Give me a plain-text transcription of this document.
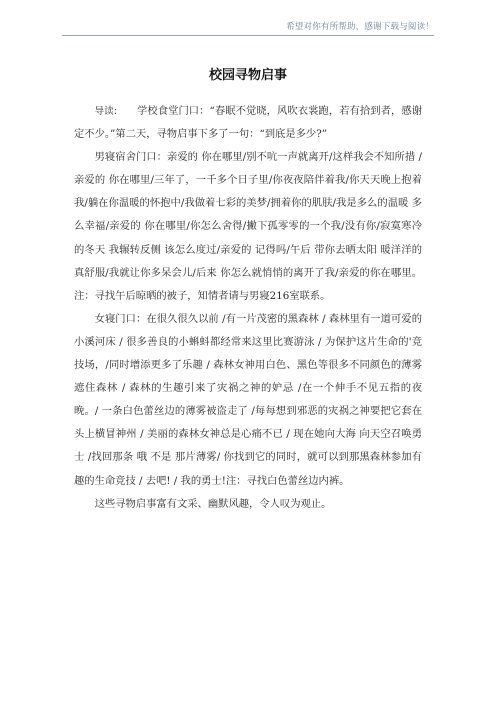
希望对你有所帮助，感谢下载与阅读！
校园寻物启事

导读: 学校食堂门口：“春眠不觉晓，风吹衣裳跑，若有拾到者，感谢定不少。”第二天，寻物启事下多了一句：“到底是多少?”

男寝宿舍门口：亲爱的 你在哪里/别不吭一声就离开/这样我会不知所措 /亲爱的 你在哪里/三年了，一千多个日子里/你夜夜陪伴着我/你天天晚上抱着我/躺在你温暖的怀抱中/我做着七彩的美梦/拥着你的肌肤/我是多么的温暖 多么幸福/亲爱的 你在哪里/你怎么舍得/撇下孤零零的一个我/没有你/寂寞寒冷的冬天 我辗转反侧 该怎么度过/亲爱的 记得吗/午后 带你去晒太阳 暖洋洋的 真舒服/我就让你多呆会儿/后来 你怎么就悄悄的离开了我/亲爱的你在哪里。注：寻找午后晾晒的被子，知情者请与男寝216室联系。

女寝门口：在很久很久以前 /有一片茂密的黑森林 / 森林里有一道可爱的小溪河床 / 很多善良的小蝌蚪都经常来这里比赛游泳 / 为保护这片生命的'竞技场，/同时增添更多了乐趣 / 森林女神用白色、黑色等很多不同颜色的薄雾遮住森林 / 森林的生趣引来了灾祸之神的妒忌 /在一个伸手不见五指的夜晚。/ 一条白色蕾丝边的薄雾被盗走了 /每每想到邪恶的灾祸之神要把它套在头上横冒神州 / 美丽的森林女神总是心痛不已 / 现在她向大海 向天空召唤勇士 /找回那条 哦 不是 那片薄雾/ 你找到它的同时，就可以到那黑森林参加有趣的生命竞技 / 去吧! / 我的勇士!注：寻找白色蕾丝边内裤。

这些寻物启事富有文采、幽默风趣，令人叹为观止。
